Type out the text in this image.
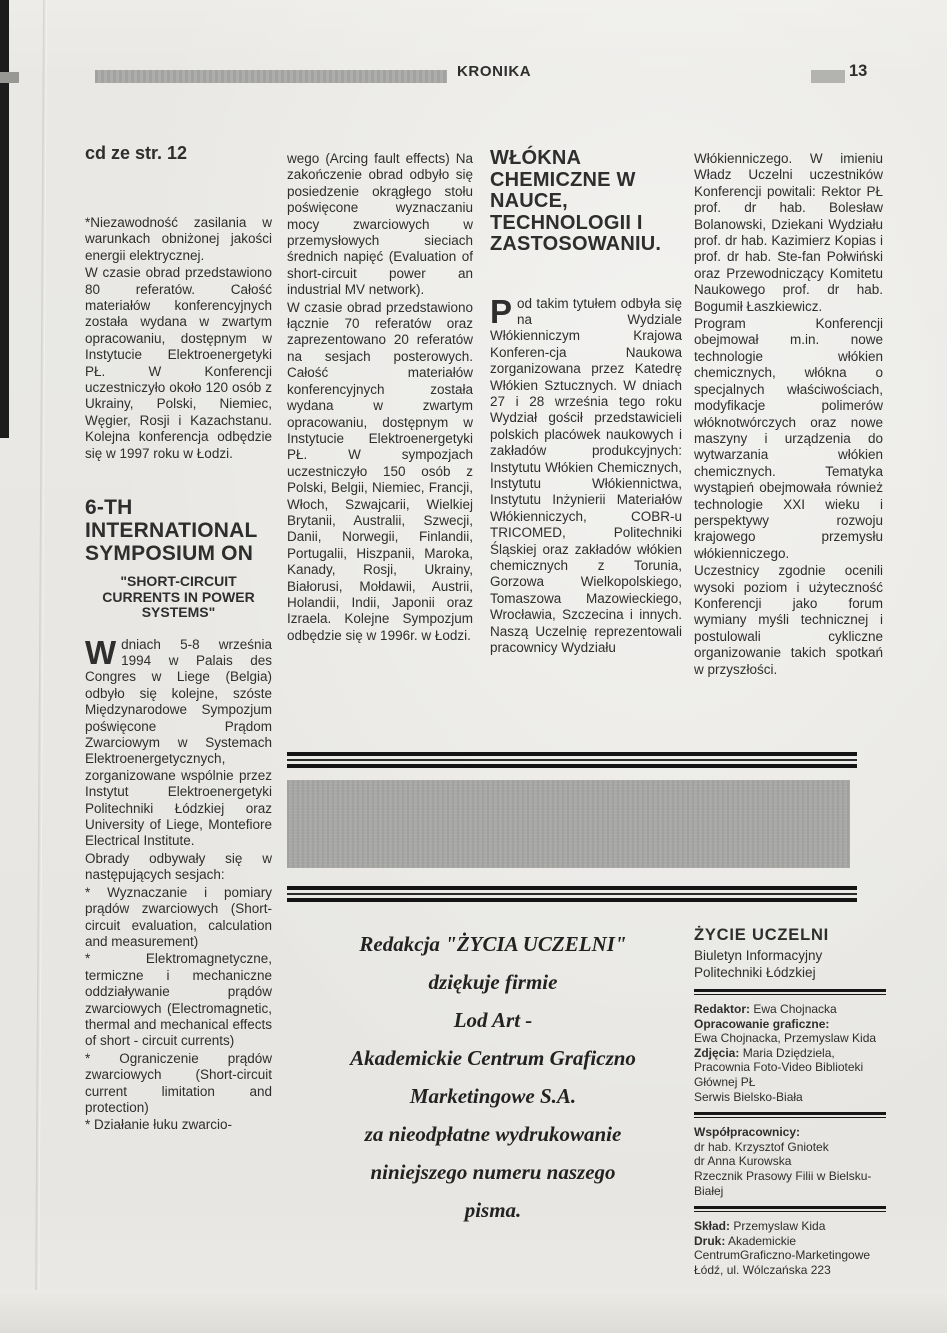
KRONIKA	13
cd ze str. 12

*Niezawodność zasilania w warunkach obniżonej jakości energii elektrycznej.

W czasie obrad przedstawiono 80 referatów. Całość materiałów konferencyjnych została wydana w zwartym opracowaniu, dostępnym w Instytucie Elektroenergetyki PŁ. W Konferencji uczestniczyło około 120 osób z Ukrainy, Polski, Niemiec, Węgier, Rosji i Kazachstanu. Kolejna konferencja odbędzie się w 1997 roku w Łodzi.

6-TH INTERNATIONAL SYMPOSIUM ON
"SHORT-CIRCUIT CURRENTS IN POWER SYSTEMS"

Wdniach 5-8 września 1994 w Palais des Congres w Liege (Belgia) odbyło się kolejne, szóste Międzynarodowe Sympozjum poświęcone Prądom Zwarciowym w Systemach Elektroenergetycznych, zorganizowane wspólnie przez Instytut Elektroenergetyki Politechniki Łódzkiej oraz University of Liege, Montefiore Electrical Institute.

Obrady odbywały się w następujących sesjach:

* Wyznaczanie i pomiary prądów zwarciowych (Short-circuit evaluation, calculation and measurement)

* Elektromagnetyczne, termiczne i mechaniczne oddziaływanie prądów zwarciowych (Electromagnetic, thermal and mechanical effects of short - circuit currents)

* Ograniczenie prądów zwarciowych (Short-circuit current limitation and protection)

* Działanie łuku zwarcio-

wego (Arcing fault effects) Na zakończenie obrad odbyło się posiedzenie okrągłego stołu poświęcone wyznaczaniu mocy zwarciowych w przemysłowych sieciach średnich napięć (Evaluation of short-circuit power an industrial MV network).

W czasie obrad przedstawiono łącznie 70 referatów oraz zaprezentowano 20 referatów na sesjach posterowych. Całość materiałów konferencyjnych została wydana w zwartym opracowaniu, dostępnym w Instytucie Elektroenergetyki PŁ. W sympozjach uczestniczyło 150 osób z Polski, Belgii, Niemiec, Francji, Włoch, Szwajcarii, Wielkiej Brytanii, Australii, Szwecji, Danii, Norwegii, Finlandii, Portugalii, Hiszpanii, Maroka, Kanady, Rosji, Ukrainy, Białorusi, Mołdawii, Austrii, Holandii, Indii, Japonii oraz Izraela. Kolejne Sympozjum odbędzie się w 1996r. w Łodzi.

WŁÓKNA CHEMICZNE W NAUCE, TECHNOLOGII I ZASTOSOWANIU.

Pod takim tytułem odbyła się na Wydziale Włókienniczym Krajowa Konferen-cja Naukowa zorganizowana przez Katedrę Włókien Sztucznych. W dniach 27 i 28 września tego roku Wydział gościł przedstawicieli polskich placówek naukowych i zakładów produkcyjnych: Instytutu Włókien Chemicznych, Instytutu Włókiennictwa, Instytutu Inżynierii Materiałów Włókienniczych, COBR-u TRICOMED, Politechniki Śląskiej oraz zakładów włókien chemicznych z Torunia, Gorzowa Wielkopolskiego, Tomaszowa Mazowieckiego, Wrocławia, Szczecina i innych. Naszą Uczelnię reprezentowali pracownicy Wydziału

Włókienniczego. W imieniu Władz Uczelni uczestników Konferencji powitali: Rektor PŁ prof. dr hab. Bolesław Bolanowski, Dziekani Wydziału prof. dr hab. Kazimierz Kopias i prof. dr hab. Ste-fan Połwiński oraz Przewodniczący Komitetu Naukowego prof. dr hab. Bogumił Łaszkiewicz.

Program Konferencji obejmował m.in. nowe technologie włókien chemicznych, włókna o specjalnych właściwościach, modyfikacje polimerów włóknotwórczych oraz nowe maszyny i urządzenia do wytwarzania włókien chemicznych. Tematyka wystąpień obejmowała również technologie XXI wieku i perspektywy rozwoju krajowego przemysłu włókienniczego.

Uczestnicy zgodnie ocenili wysoki poziom i użyteczność Konferencji jako forum wymiany myśli technicznej i postulowali cykliczne organizowanie takich spotkań w przyszłości.

Redakcja "ŻYCIA UCZELNI"
dziękuje firmie
Lod Art -
Akademickie Centrum Graficzno
Marketingowe S.A.
za nieodpłatne wydrukowanie
niniejszego numeru naszego
pisma.
ŻYCIE UCZELNI

Biuletyn Informacyjny

Politechniki Łódzkiej

Redaktor: Ewa Chojnacka
Opracowanie graficzne:
Ewa Chojnacka, Przemyslaw Kida
Zdjęcia: Maria Dziędziela,
Pracownia Foto-Video Biblioteki Głównej PŁ
Serwis Bielsko-Biała
Współpracownicy:
dr hab. Krzysztof Gniotek
dr Anna Kurowska
Rzecznik Prasowy Filii w Bielsku-Białej
Skład: Przemyslaw Kida
Druk: Akademickie
CentrumGraficzno-Marketingowe
Łódź, ul. Wólczańska 223
